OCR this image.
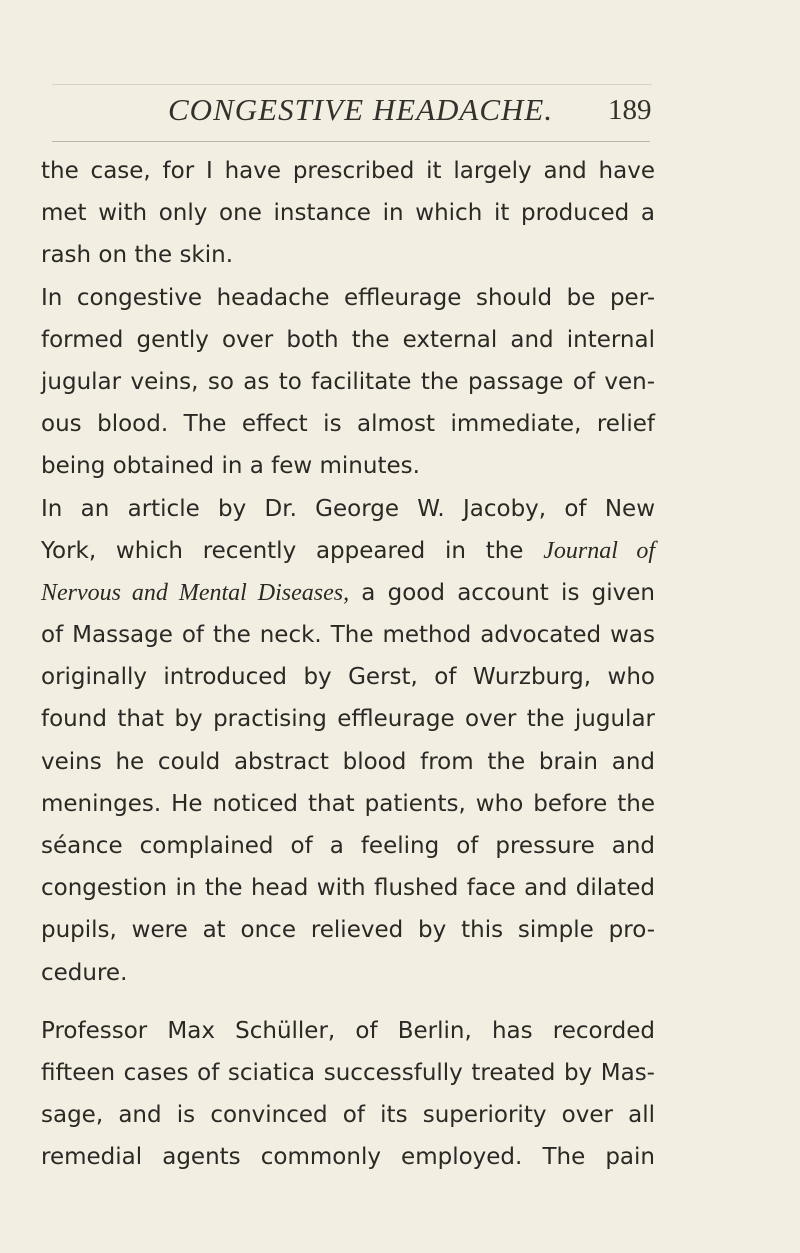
CONGESTIVE HEADACHE. 189
the case, for I have prescribed it largely and have
met with only one instance in which it produced a
rash on the skin.
In congestive headache effleurage should be per-
formed gently over both the external and internal
jugular veins, so as to facilitate the passage of ven-
ous blood. The effect is almost immediate, relief
being obtained in a few minutes.
In an article by Dr. George W. Jacoby, of New
York, which recently appeared in the Journal of
Nervous and Mental Diseases, a good account is given
of Massage of the neck. The method advocated was
originally introduced by Gerst, of Wurzburg, who
found that by practising effleurage over the jugular
veins he could abstract blood from the brain and
meninges. He noticed that patients, who before the
séance complained of a feeling of pressure and
congestion in the head with flushed face and dilated
pupils, were at once relieved by this simple pro-
cedure.
Professor Max Schüller, of Berlin, has recorded
fifteen cases of sciatica successfully treated by Mas-
sage, and is convinced of its superiority over all
remedial agents commonly employed. The pain
